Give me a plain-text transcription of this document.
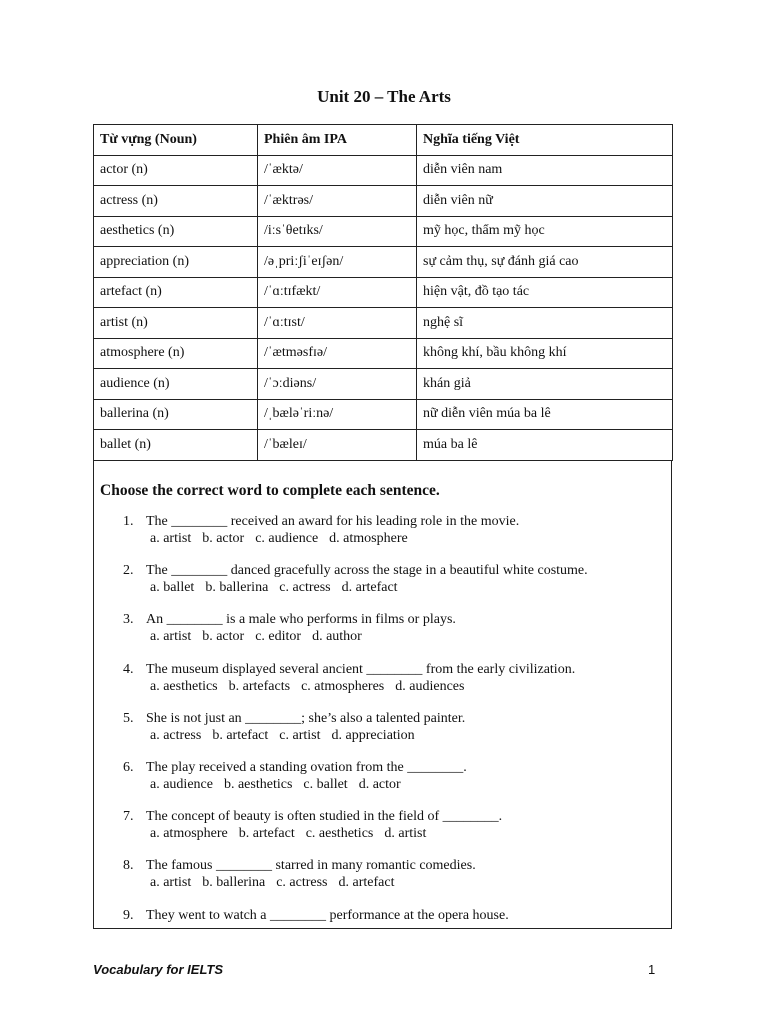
Unit 20 – The Arts
Từ vựng (Noun)	Phiên âm IPA	Nghĩa tiếng Việt
actor (n)	/ˈæktə/	diễn viên nam
actress (n)	/ˈæktrəs/	diễn viên nữ
aesthetics (n)	/iːsˈθetɪks/	mỹ học, thẩm mỹ học
appreciation (n)	/əˌpriːʃiˈeɪʃən/	sự cảm thụ, sự đánh giá cao
artefact (n)	/ˈɑːtɪfækt/	hiện vật, đồ tạo tác
artist (n)	/ˈɑːtɪst/	nghệ sĩ
atmosphere (n)	/ˈætməsfɪə/	không khí, bầu không khí
audience (n)	/ˈɔːdiəns/	khán giả
ballerina (n)	/ˌbæləˈriːnə/	nữ diễn viên múa ba lê
ballet (n)	/ˈbæleɪ/	múa ba lê
Choose the correct word to complete each sentence.
1. The ________ received an award for his leading role in the movie.
a. artist b. actor c. audience d. atmosphere
2. The ________ danced gracefully across the stage in a beautiful white costume.
a. ballet b. ballerina c. actress d. artefact
3. An ________ is a male who performs in films or plays.
a. artist b. actor c. editor d. author
4. The museum displayed several ancient ________ from the early civilization.
a. aesthetics b. artefacts c. atmospheres d. audiences
5. She is not just an ________; she’s also a talented painter.
a. actress b. artefact c. artist d. appreciation
6. The play received a standing ovation from the ________.
a. audience b. aesthetics c. ballet d. actor
7. The concept of beauty is often studied in the field of ________.
a. atmosphere b. artefact c. aesthetics d. artist
8. The famous ________ starred in many romantic comedies.
a. artist b. ballerina c. actress d. artefact
9. They went to watch a ________ performance at the opera house.
Vocabulary for IELTS	1
